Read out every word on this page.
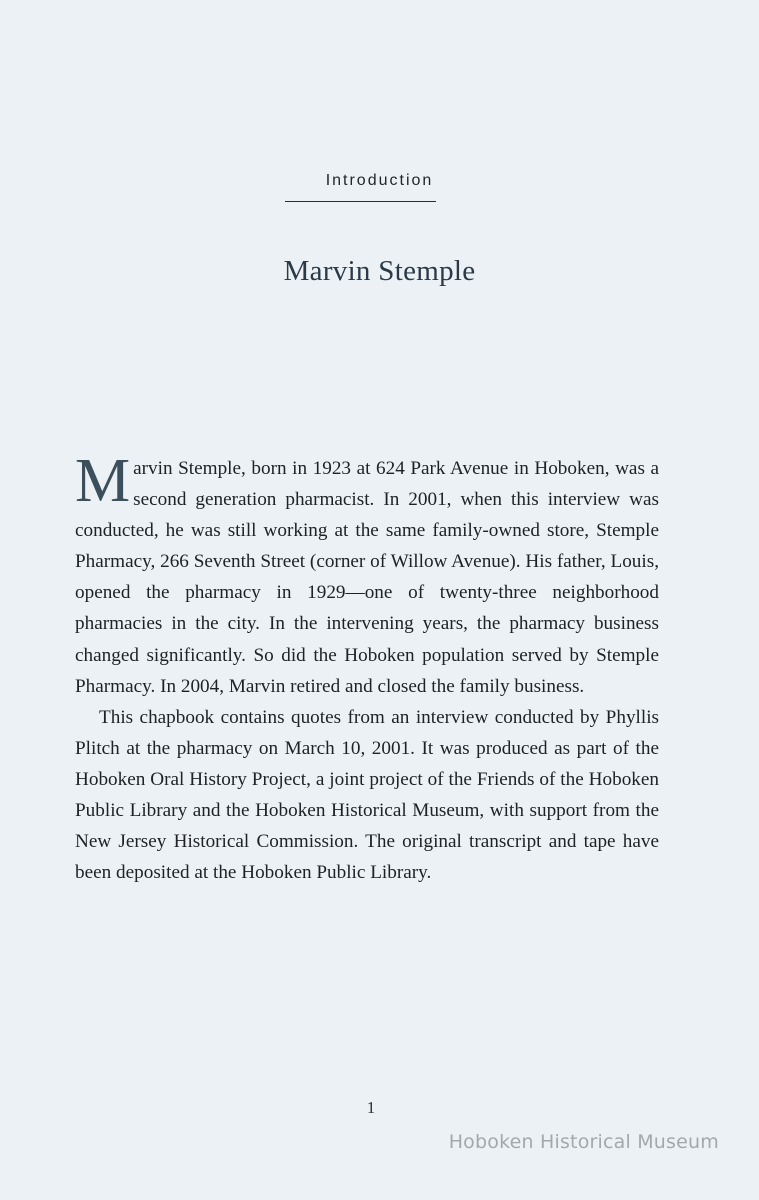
Introduction
Marvin Stemple

Marvin Stemple, born in 1923 at 624 Park Avenue in Hoboken, was a second generation pharmacist. In 2001, when this interview was conducted, he was still working at the same family-owned store, Stemple Pharmacy, 266 Seventh Street (corner of Willow Avenue). His father, Louis, opened the pharmacy in 1929—one of twenty-three neighborhood pharmacies in the city. In the intervening years, the pharmacy business changed significantly. So did the Hoboken population served by Stemple Pharmacy. In 2004, Marvin retired and closed the family business.

This chapbook contains quotes from an interview conducted by Phyllis Plitch at the pharmacy on March 10, 2001. It was produced as part of the Hoboken Oral History Project, a joint project of the Friends of the Hoboken Public Library and the Hoboken Historical Museum, with support from the New Jersey Historical Commission. The original transcript and tape have been deposited at the Hoboken Public Library.

1
Hoboken Historical Museum
